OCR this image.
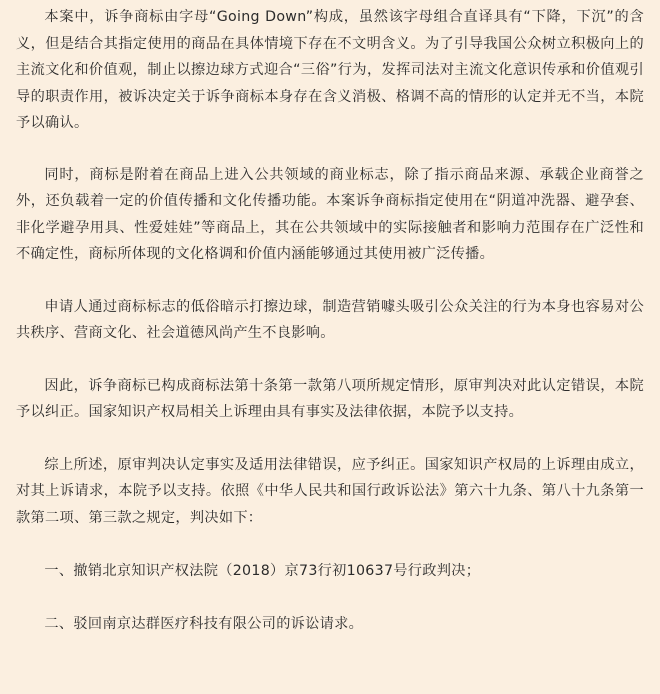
本案中，诉争商标由字母“Going Down”构成，虽然该字母组合直译具有“下降，下沉”的含义，但是结合其指定使用的商品在具体情境下存在不文明含义。为了引导我国公众树立积极向上的主流文化和价值观，制止以擦边球方式迎合“三俗”行为，发挥司法对主流文化意识传承和价值观引导的职责作用，被诉决定关于诉争商标本身存在含义消极、格调不高的情形的认定并无不当，本院予以确认。

同时，商标是附着在商品上进入公共领域的商业标志，除了指示商品来源、承载企业商誉之外，还负载着一定的价值传播和文化传播功能。本案诉争商标指定使用在“阴道冲洗器、避孕套、非化学避孕用具、性爱娃娃”等商品上，其在公共领域中的实际接触者和影响力范围存在广泛性和不确定性，商标所体现的文化格调和价值内涵能够通过其使用被广泛传播。

申请人通过商标标志的低俗暗示打擦边球，制造营销噱头吸引公众关注的行为本身也容易对公共秩序、营商文化、社会道德风尚产生不良影响。

因此，诉争商标已构成商标法第十条第一款第八项所规定情形，原审判决对此认定错误，本院予以纠正。国家知识产权局相关上诉理由具有事实及法律依据，本院予以支持。

综上所述，原审判决认定事实及适用法律错误，应予纠正。国家知识产权局的上诉理由成立，对其上诉请求，本院予以支持。依照《中华人民共和国行政诉讼法》第六十九条、第八十九条第一款第二项、第三款之规定，判决如下：

一、撤销北京知识产权法院（2018）京73行初10637号行政判决；

二、驳回南京达群医疗科技有限公司的诉讼请求。
